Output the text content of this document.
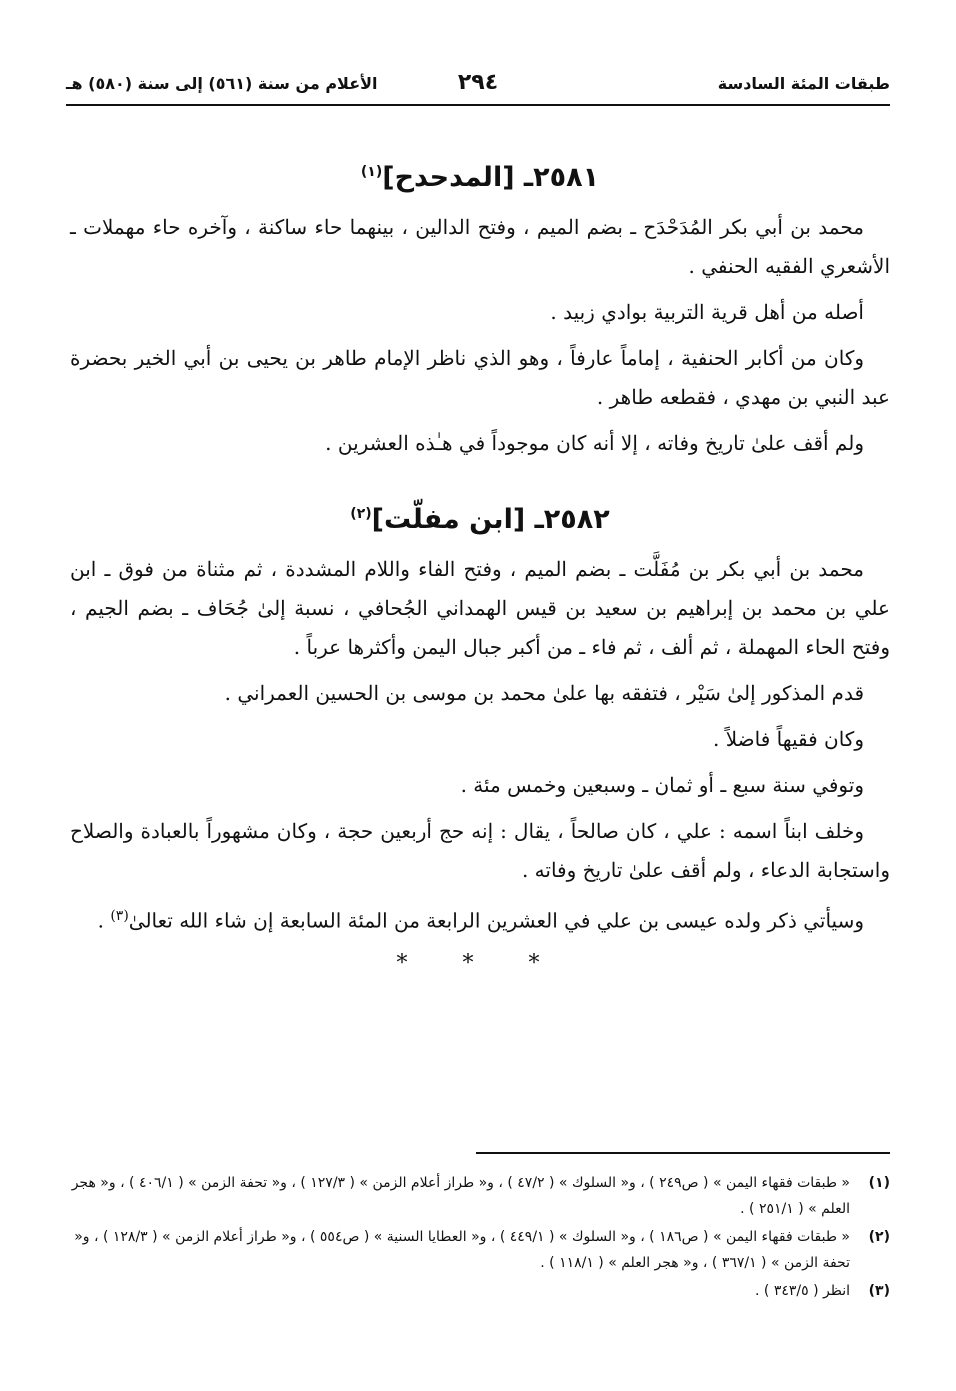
طبقات المئة السادسة
٢٩٤
الأعلام من سنة (٥٦١) إلى سنة (٥٨٠) هـ
٢٥٨١ـ [المدحدح]$^{(١)}$

محمد بن أبي بكر المُدَحْدَح ـ بضم الميم ، وفتح الدالين ، بينهما حاء ساكنة ، وآخره حاء مهملات ـ الأشعري الفقيه الحنفي .

أصله من أهل قرية التربية بوادي زبيد .

وكان من أكابر الحنفية ، إماماً عارفاً ، وهو الذي ناظر الإمام طاهر بن يحيى بن أبي الخير بحضرة عبد النبي بن مهدي ، فقطعه طاهر .

ولم أقف علىٰ تاريخ وفاته ، إلا أنه كان موجوداً في هـٰذه العشرين .

٢٥٨٢ـ [ابن مفلّت]$^{(٢)}$

محمد بن أبي بكر بن مُفَلَّت ـ بضم الميم ، وفتح الفاء واللام المشددة ، ثم مثناة من فوق ـ ابن علي بن محمد بن إبراهيم بن سعيد بن قيس الهمداني الجُحافي ، نسبة إلىٰ جُحَاف ـ بضم الجيم ، وفتح الحاء المهملة ، ثم ألف ، ثم فاء ـ من أكبر جبال اليمن وأكثرها عرباً .

قدم المذكور إلىٰ سَيْر ، فتفقه بها علىٰ محمد بن موسى بن الحسين العمراني .

وكان فقيهاً فاضلاً .

وتوفي سنة سبع ـ أو ثمان ـ وسبعين وخمس مئة .

وخلف ابناً اسمه : علي ، كان صالحاً ، يقال : إنه حج أربعين حجة ، وكان مشهوراً بالعبادة والصلاح واستجابة الدعاء ، ولم أقف علىٰ تاريخ وفاته .

وسيأتي ذكر ولده عيسى بن علي في العشرين الرابعة من المئة السابعة إن شاء الله تعالىٰ$^{(٣)}$ .

* * *
(١)
« طبقات فقهاء اليمن » ( ص٢٤٩ ) ، و« السلوك » ( ٤٧/٢ ) ، و« طراز أعلام الزمن » ( ١٢٧/٣ ) ، و« تحفة الزمن » ( ٤٠٦/١ ) ، و« هجر العلم » ( ٢٥١/١ ) .
(٢)
« طبقات فقهاء اليمن » ( ص١٨٦ ) ، و« السلوك » ( ٤٤٩/١ ) ، و« العطايا السنية » ( ص٥٥٤ ) ، و« طراز أعلام الزمن » ( ١٢٨/٣ ) ، و« تحفة الزمن » ( ٣٦٧/١ ) ، و« هجر العلم » ( ١١٨/١ ) .
(٣)
انظر ( ٣٤٣/٥ ) .
